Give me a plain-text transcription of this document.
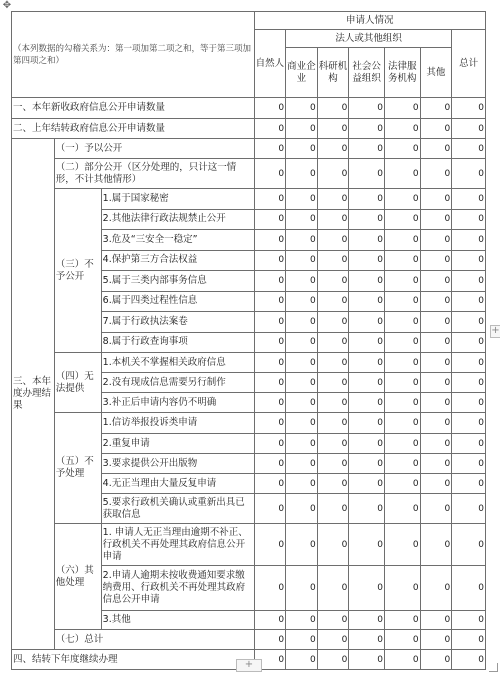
✥
（本列数据的勾稽关系为：第一项加第二项之和，等于第三项加第四项之和）			申请人情况						
			自然人	法人或其他组织					总计
				商业企业	科研机构	社会公益组织	法律服务机构	其他	
一、本年新收政府信息公开申请数量			0	0	0	0	0	0	0
二、上年结转政府信息公开申请数量			0	0	0	0	0	0	0
三、本年度办理结果	（一）予以公开		0	0	0	0	0	0	0
	（二）部分公开（区分处理的，只计这一情形，不计其他情形）		0	0	0	0	0	0	0
	（三）不予公开	1.属于国家秘密	0	0	0	0	0	0	0
		2.其他法律行政法规禁止公开	0	0	0	0	0	0	0
		3.危及“三安全一稳定”	0	0	0	0	0	0	0
		4.保护第三方合法权益	0	0	0	0	0	0	0
		5.属于三类内部事务信息	0	0	0	0	0	0	0
		6.属于四类过程性信息	0	0	0	0	0	0	0
		7.属于行政执法案卷	0	0	0	0	0	0	0
		8.属于行政查询事项	0	0	0	0	0	0	0
	（四）无法提供	1.本机关不掌握相关政府信息	0	0	0	0	0	0	0
		2.没有现成信息需要另行制作	0	0	0	0	0	0	0
		3.补正后申请内容仍不明确	0	0	0	0	0	0	0
	（五）不予处理	1.信访举报投诉类申请	0	0	0	0	0	0	0
		2.重复申请	0	0	0	0	0	0	0
		3.要求提供公开出版物	0	0	0	0	0	0	0
		4.无正当理由大量反复申请	0	0	0	0	0	0	0
		5.要求行政机关确认或重新出具已获取信息	0	0	0	0	0	0	0
	（六）其他处理	1. 申请人无正当理由逾期不补正、行政机关不再处理其政府信息公开申请	0	0	0	0	0	0	0
		2.申请人逾期未按收费通知要求缴纳费用、行政机关不再处理其政府信息公开申请	0	0	0	0	0	0	0
		3.其他	0	0	0	0	0	0	0
	（七）总计		0	0	0	0	0	0	0
四、结转下年度继续办理			0	0	0	0	0	0	0
+
+
